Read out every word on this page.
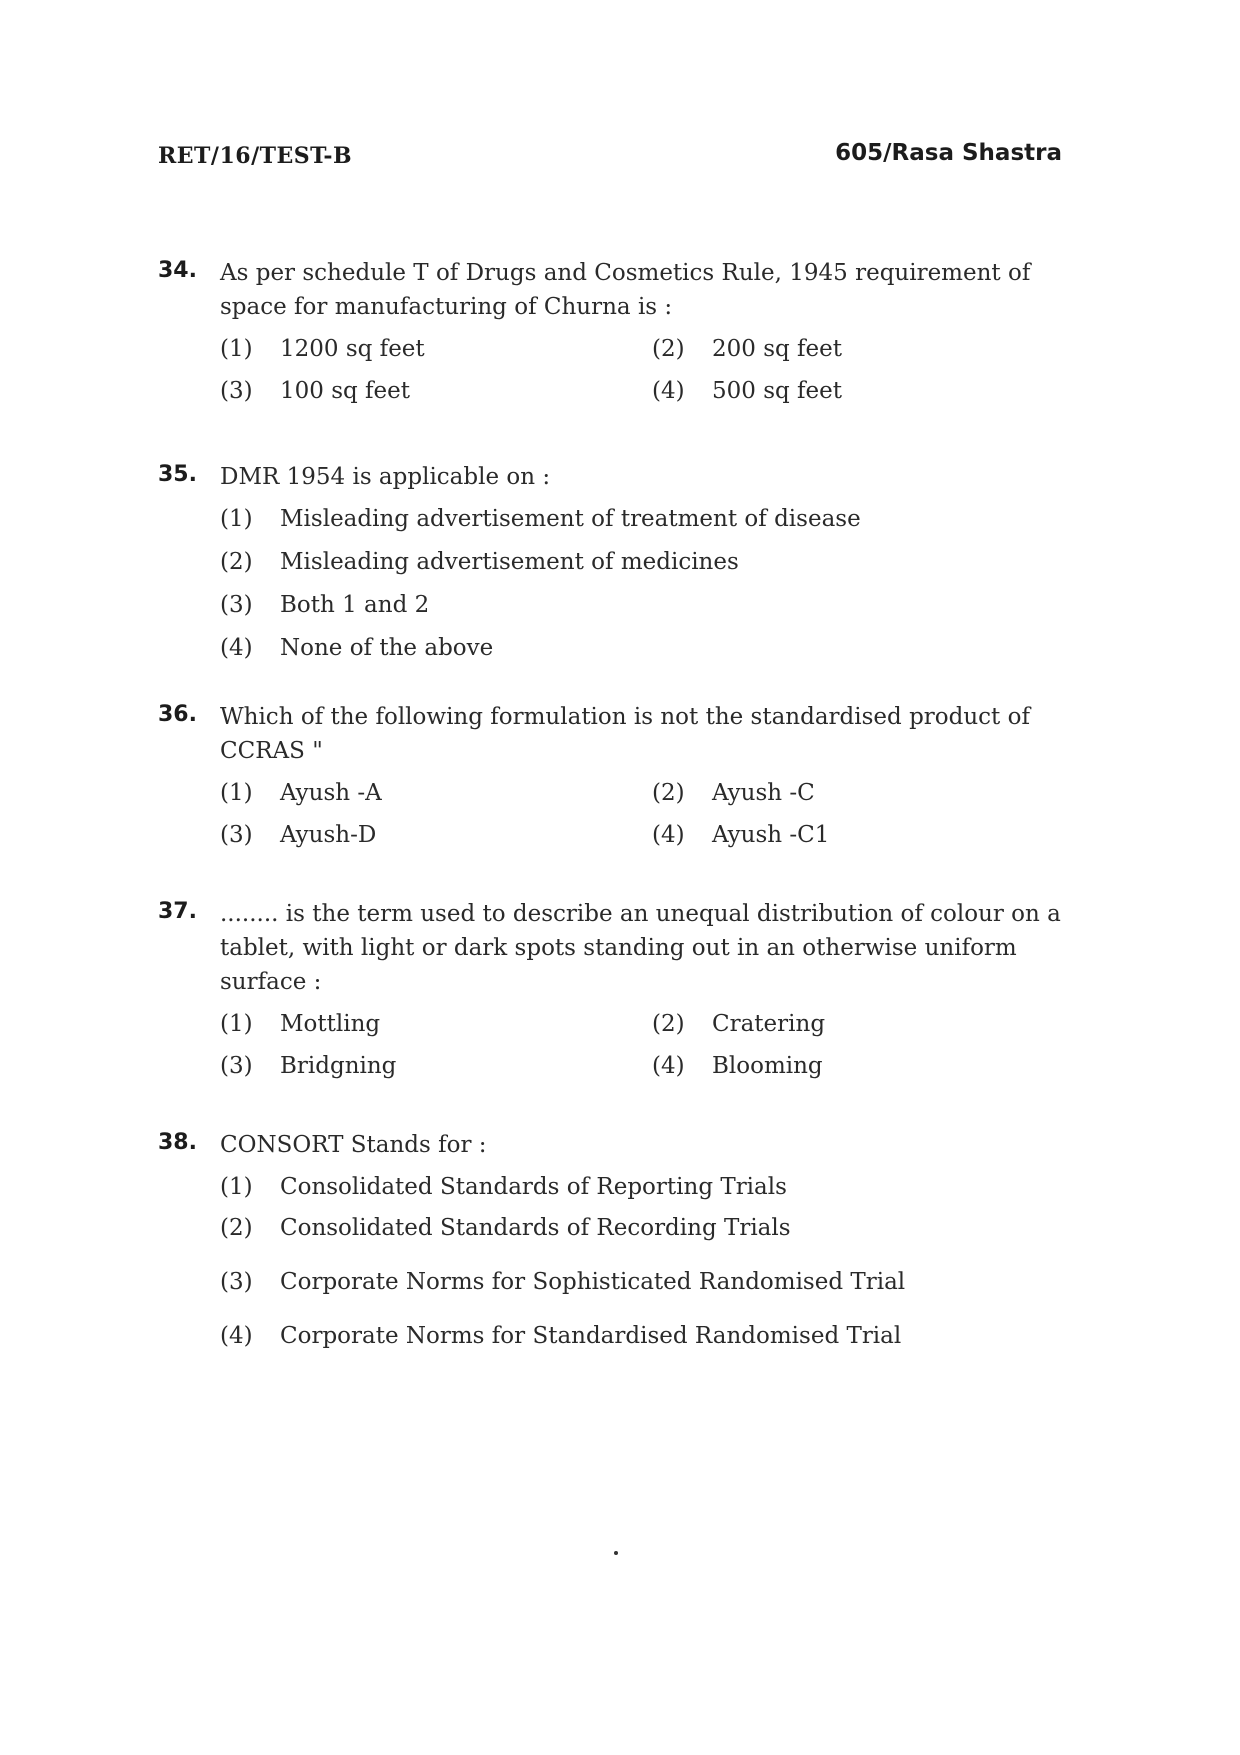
RET/16/TEST-B	605/Rasa Shastra
34. As per schedule T of Drugs and Cosmetics Rule, 1945 requirement of space for manufacturing of Churna is :
(1)	1200 sq feet	(2)	200 sq feet
(3)	100 sq feet	(4)	500 sq feet
35. DMR 1954 is applicable on :
(1)	Misleading advertisement of treatment of disease
(2)	Misleading advertisement of medicines
(3)	Both 1 and 2
(4)	None of the above
36. Which of the following formulation is not the standardised product of CCRAS "
(1)	Ayush -A	(2)	Ayush -C
(3)	Ayush-D	(4)	Ayush -C1
37. ........ is the term used to describe an unequal distribution of colour on a tablet, with light or dark spots standing out in an otherwise uniform surface :
(1)	Mottling	(2)	Cratering
(3)	Bridgning	(4)	Blooming
38. CONSORT Stands for :
(1)	Consolidated Standards of Reporting Trials
(2)	Consolidated Standards of Recording Trials
(3)	Corporate Norms for Sophisticated Randomised Trial
(4)	Corporate Norms for Standardised Randomised Trial
